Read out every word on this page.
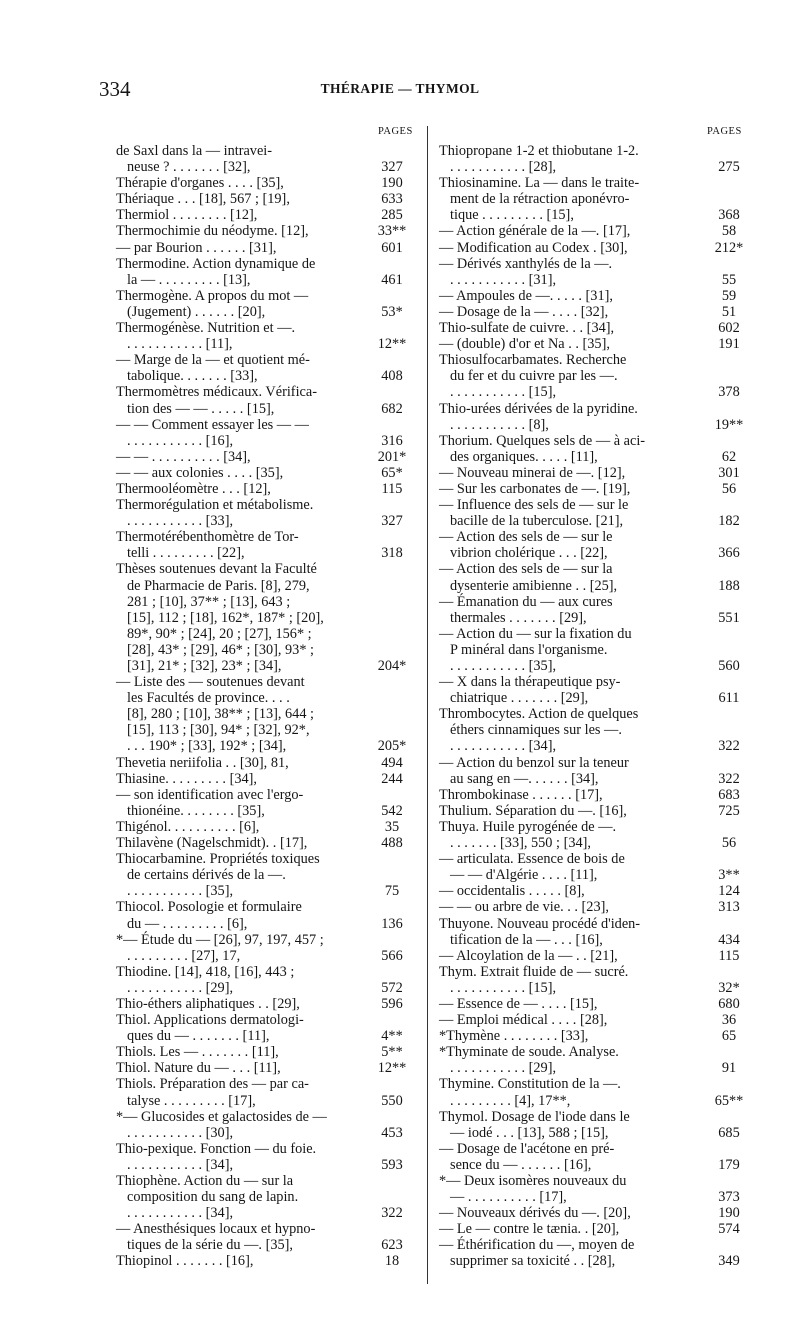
334	THÉRAPIE — THYMOL
PAGES	PAGES
de Saxl dans la — intravei-
neuse ? . . . . . . . [32],	327
Thérapie d'organes . . . . [35],	190
Thériaque . . . [18], 567 ; [19],	633
Thermiol . . . . . . . . [12],	285
Thermochimie du néodyme. [12],	33**
— par Bourion . . . . . . [31],	601
Thermodine. Action dynamique de
la — . . . . . . . . . [13],	461
Thermogène. A propos du mot —
(Jugement) . . . . . . [20],	53*
Thermogénèse. Nutrition et —.
. . . . . . . . . . . [11],	12**
— Marge de la — et quotient mé-
tabolique. . . . . . . [33],	408
Thermomètres médicaux. Vérifica-
tion des — — . . . . . [15],	682
— — Comment essayer les — —
. . . . . . . . . . . [16],	316
— — . . . . . . . . . . [34],	201*
— — aux colonies . . . . [35],	65*
Thermooléomètre . . . [12],	115
Thermorégulation et métabolisme.
. . . . . . . . . . . [33],	327
Thermotérébenthomètre de Tor-
telli . . . . . . . . . [22],	318
Thèses soutenues devant la Faculté
de Pharmacie de Paris. [8], 279,
281 ; [10], 37** ; [13], 643 ;
[15], 112 ; [18], 162*, 187* ; [20],
89*, 90* ; [24], 20 ; [27], 156* ;
[28], 43* ; [29], 46* ; [30], 93* ;
[31], 21* ; [32], 23* ; [34],	204*
— Liste des — soutenues devant
les Facultés de province. . . .
[8], 280 ; [10], 38** ; [13], 644 ;
[15], 113 ; [30], 94* ; [32], 92*,
. . . 190* ; [33], 192* ; [34],	205*
Thevetia neriifolia . . [30], 81,	494
Thiasine. . . . . . . . . [34],	244
— son identification avec l'ergo-
thionéine. . . . . . . . [35],	542
Thigénol. . . . . . . . . . [6],	35
Thilavène (Nagelschmidt). . [17],	488
Thiocarbamine. Propriétés toxiques
de certains dérivés de la —.
. . . . . . . . . . . [35],	75
Thiocol. Posologie et formulaire
du — . . . . . . . . . [6],	136
*— Étude du — [26], 97, 197, 457 ;
. . . . . . . . . [27], 17,	566
Thiodine. [14], 418, [16], 443 ;
. . . . . . . . . . . [29],	572
Thio-éthers aliphatiques . . [29],	596
Thiol. Applications dermatologi-
ques du — . . . . . . . [11],	4**
Thiols. Les — . . . . . . . [11],	5**
Thiol. Nature du — . . . [11],	12**
Thiols. Préparation des — par ca-
talyse . . . . . . . . . [17],	550
*— Glucosides et galactosides de —
. . . . . . . . . . . [30],	453
Thio-pexique. Fonction — du foie.
. . . . . . . . . . . [34],	593
Thiophène. Action du — sur la
composition du sang de lapin.
. . . . . . . . . . . [34],	322
— Anesthésiques locaux et hypno-
tiques de la série du —. [35],	623
Thiopinol . . . . . . . [16],	18
Thiopropane 1-2 et thiobutane 1-2.
. . . . . . . . . . . [28],	275
Thiosinamine. La — dans le traite-
ment de la rétraction aponévro-
tique . . . . . . . . . [15],	368
— Action générale de la —. [17],	58
— Modification au Codex . [30],	212*
— Dérivés xanthylés de la —.
. . . . . . . . . . . [31],	55
— Ampoules de —. . . . . [31],	59
— Dosage de la — . . . . [32],	51
Thio-sulfate de cuivre. . . [34],	602
— (double) d'or et Na . . [35],	191
Thiosulfocarbamates. Recherche
du fer et du cuivre par les —.
. . . . . . . . . . . [15],	378
Thio-urées dérivées de la pyridine.
. . . . . . . . . . . [8],	19**
Thorium. Quelques sels de — à aci-
des organiques. . . . . [11],	62
— Nouveau minerai de —. [12],	301
— Sur les carbonates de —. [19],	56
— Influence des sels de — sur le
bacille de la tuberculose. [21],	182
— Action des sels de — sur le
vibrion cholérique . . . [22],	366
— Action des sels de — sur la
dysenterie amibienne . . [25],	188
— Émanation du — aux cures
thermales . . . . . . . [29],	551
— Action du — sur la fixation du
P minéral dans l'organisme.
. . . . . . . . . . . [35],	560
— X dans la thérapeutique psy-
chiatrique . . . . . . . [29],	611
Thrombocytes. Action de quelques
éthers cinnamiques sur les —.
. . . . . . . . . . . [34],	322
— Action du benzol sur la teneur
au sang en —. . . . . . [34],	322
Thrombokinase . . . . . . [17],	683
Thulium. Séparation du —. [16],	725
Thuya. Huile pyrogénée de —.
. . . . . . . [33], 550 ; [34],	56
— articulata. Essence de bois de
— — d'Algérie . . . . [11],	3**
— occidentalis . . . . . [8],	124
— — ou arbre de vie. . . [23],	313
Thuyone. Nouveau procédé d'iden-
tification de la — . . . [16],	434
— Alcoylation de la — . . [21],	115
Thym. Extrait fluide de — sucré.
. . . . . . . . . . . [15],	32*
— Essence de — . . . . [15],	680
— Emploi médical . . . . [28],	36
*Thymène . . . . . . . . [33],	65
*Thyminate de soude. Analyse.
. . . . . . . . . . . [29],	91
Thymine. Constitution de la —.
. . . . . . . . . [4], 17**,	65**
Thymol. Dosage de l'iode dans le
— iodé . . . [13], 588 ; [15],	685
— Dosage de l'acétone en pré-
sence du — . . . . . . [16],	179
*— Deux isomères nouveaux du
— . . . . . . . . . . [17],	373
— Nouveaux dérivés du —. [20],	190
— Le — contre le tænia. . [20],	574
— Éthérification du —, moyen de
supprimer sa toxicité . . [28],	349
